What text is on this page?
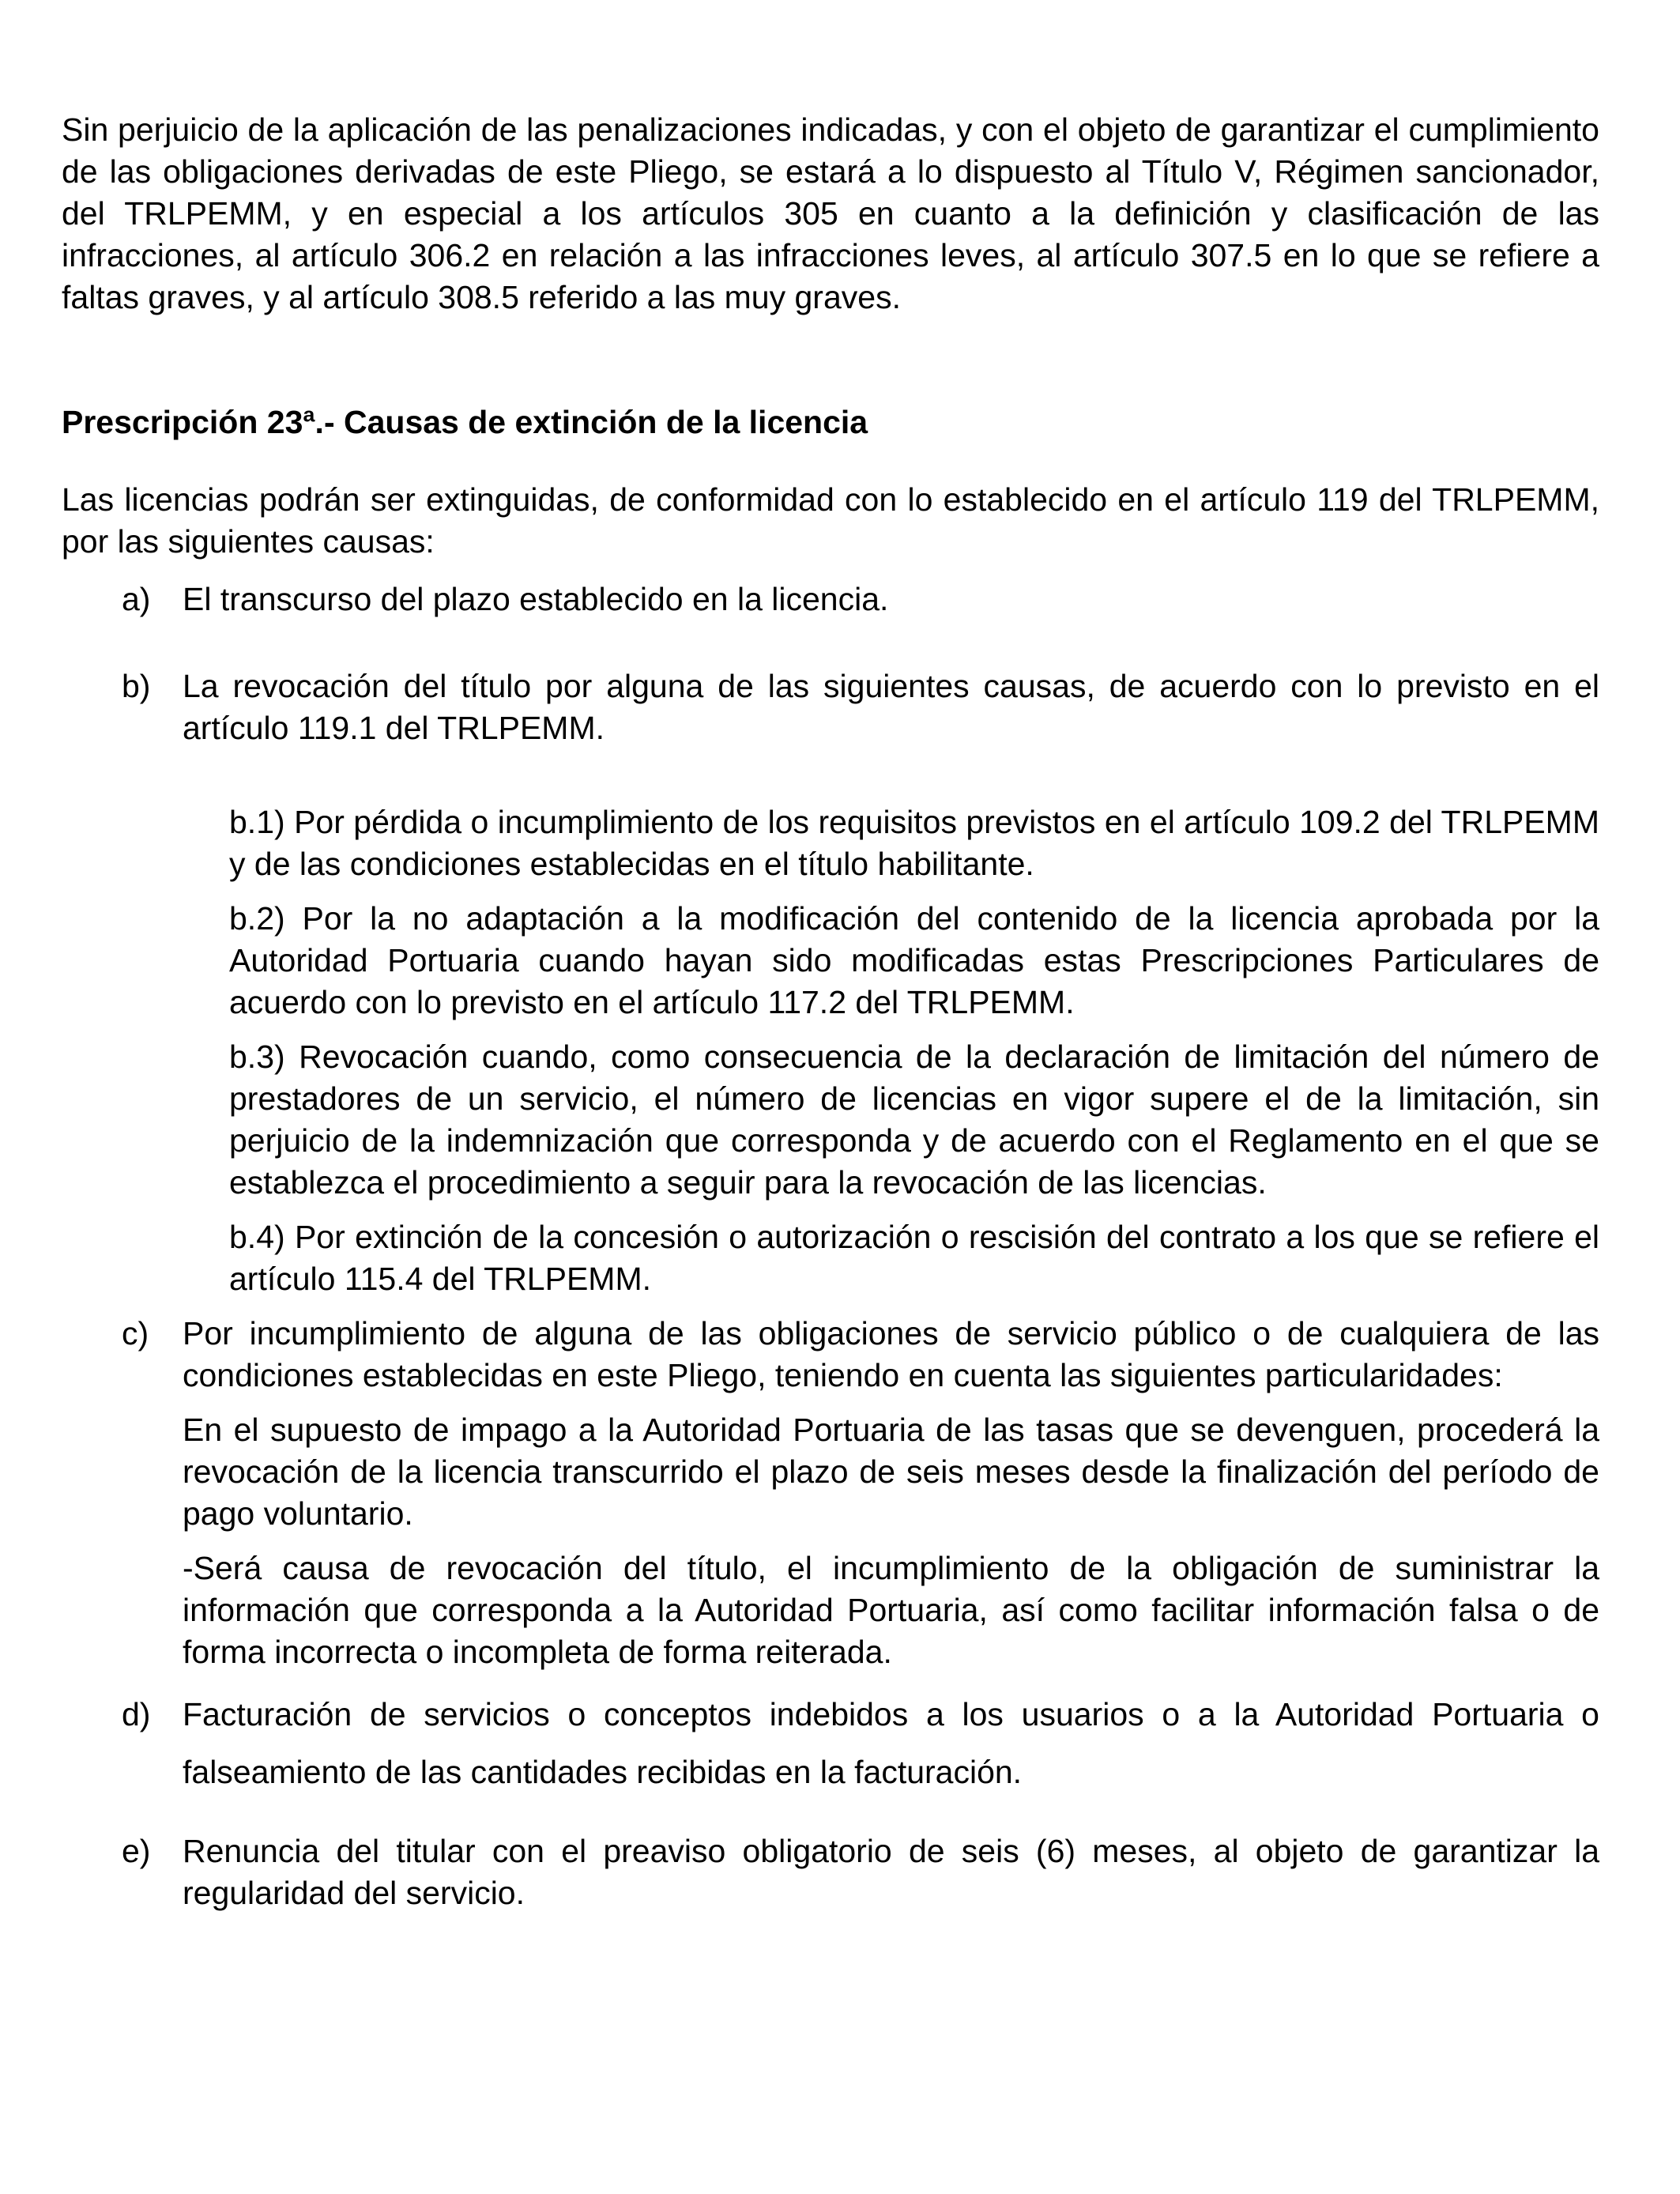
Sin perjuicio de la aplicación de las penalizaciones indicadas, y con el objeto de garantizar el cumplimiento de las obligaciones derivadas de este Pliego, se estará a lo dispuesto al Título V, Régimen sancionador, del TRLPEMM, y en especial a los artículos 305 en cuanto a la definición y clasificación de las infracciones, al artículo 306.2 en relación a las infracciones leves, al artículo 307.5 en lo que se refiere a faltas graves, y al artículo 308.5 referido a las muy graves.

Prescripción 23ª.- Causas de extinción de la licencia

Las licencias podrán ser extinguidas, de conformidad con lo establecido en el artículo 119 del TRLPEMM, por las siguientes causas:

a) El transcurso del plazo establecido en la licencia.

b) La revocación del título por alguna de las siguientes causas, de acuerdo con lo previsto en el artículo 119.1 del TRLPEMM.

b.1) Por pérdida o incumplimiento de los requisitos previstos en el artículo 109.2 del TRLPEMM y de las condiciones establecidas en el título habilitante.

b.2) Por la no adaptación a la modificación del contenido de la licencia aprobada por la Autoridad Portuaria cuando hayan sido modificadas estas Prescripciones Particulares de acuerdo con lo previsto en el artículo 117.2 del TRLPEMM.

b.3) Revocación cuando, como consecuencia de la declaración de limitación del número de prestadores de un servicio, el número de licencias en vigor supere el de la limitación, sin perjuicio de la indemnización que corresponda y de acuerdo con el Reglamento en el que se establezca el procedimiento a seguir para la revocación de las licencias.

b.4) Por extinción de la concesión o autorización o rescisión del contrato a los que se refiere el artículo 115.4 del TRLPEMM.

c) Por incumplimiento de alguna de las obligaciones de servicio público o de cualquiera de las condiciones establecidas en este Pliego, teniendo en cuenta las siguientes particularidades:

En el supuesto de impago a la Autoridad Portuaria de las tasas que se devenguen, procederá la revocación de la licencia transcurrido el plazo de seis meses desde la finalización del período de pago voluntario.

-Será causa de revocación del título, el incumplimiento de la obligación de suministrar la información que corresponda a la Autoridad Portuaria, así como facilitar información falsa o de forma incorrecta o incompleta de forma reiterada.

d) Facturación de servicios o conceptos indebidos a los usuarios o a la Autoridad Portuaria o falseamiento de las cantidades recibidas en la facturación.

e) Renuncia del titular con el preaviso obligatorio de seis (6) meses, al objeto de garantizar la regularidad del servicio.
